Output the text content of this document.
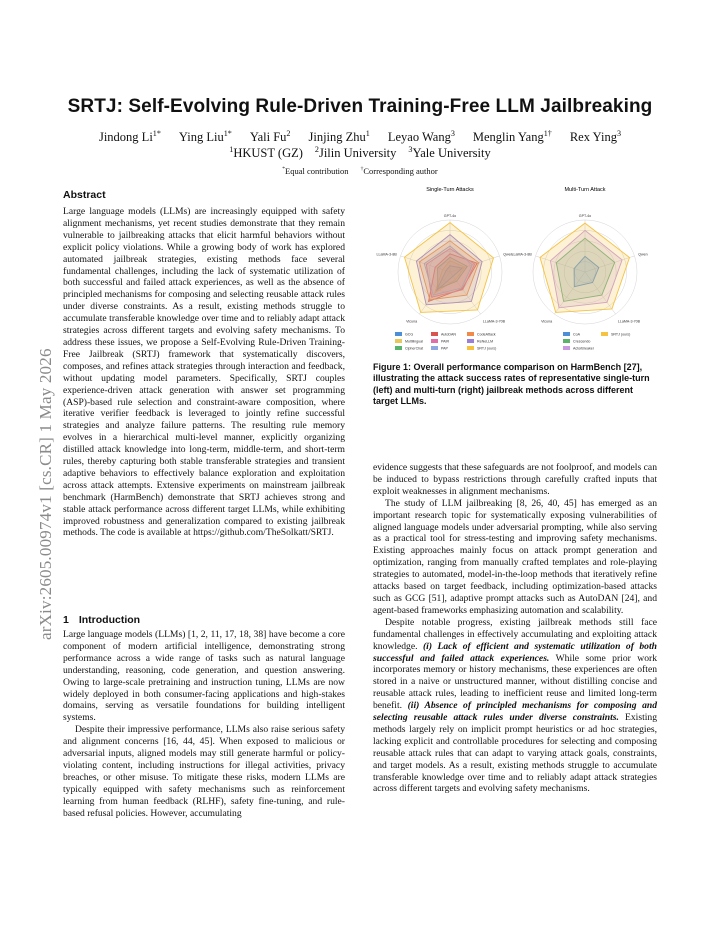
arXiv:2605.00974v1 [cs.CR] 1 May 2026
SRTJ: Self-Evolving Rule-Driven Training-Free LLM Jailbreaking
Jindong $Li^{1*}$ Ying Liu$^{1*}$ Yali Fu$^2$ Jinjing Zhu$^1$ Leyao Wang$^3$ Menglin Yang$^{1\dagger}$ Rex Ying$^3$
$^1$HKUST (GZ) $^2$Jilin University $^3$Yale University
*Equal contribution †Corresponding author
Abstract

Large language models (LLMs) are increasingly equipped with safety alignment mechanisms, yet recent studies demonstrate that they remain vulnerable to jailbreaking attacks that elicit harmful behaviors without explicit policy violations. While a growing body of work has explored automated jailbreak strategies, existing methods face several fundamental challenges, including the lack of systematic utilization of both successful and failed attack experiences, as well as the absence of principled mechanisms for composing and selecting reusable attack rules under diverse constraints. As a result, existing methods struggle to accumulate transferable knowledge over time and to reliably adapt attack strategies across different targets and evolving safety mechanisms. To address these issues, we propose a Self-Evolving Rule-Driven Training-Free Jailbreak (SRTJ) framework that systematically discovers, composes, and refines attack strategies through interaction and feedback, without updating model parameters. Specifically, SRTJ couples experience-driven attack generation with answer set programming (ASP)-based rule selection and constraint-aware composition, where iterative verifier feedback is leveraged to jointly refine successful strategies and analyze failure patterns. The resulting rule memory evolves in a hierarchical multi-level manner, explicitly organizing distilled attack knowledge into long-term, middle-term, and short-term rules, thereby capturing both stable transferable strategies and transient adaptive behaviors to effectively balance exploration and exploitation across attack attempts. Extensive experiments on mainstream jailbreak benchmark (HarmBench) demonstrate that SRTJ achieves strong and stable attack performance across different target LLMs, while exhibiting improved robustness and generalization compared to existing jailbreak methods. The code is available at https://github.com/TheSolkatt/SRTJ.

1 Introduction

Large language models (LLMs) [1, 2, 11, 17, 18, 38] have become a core component of modern artificial intelligence, demonstrating strong performance across a wide range of tasks such as natural language understanding, reasoning, code generation, and question answering. Owing to large-scale pretraining and instruction tuning, LLMs are now widely deployed in both consumer-facing applications and high-stakes domains, serving as versatile foundations for building intelligent systems.

Despite their impressive performance, LLMs also raise serious safety and alignment concerns [16, 44, 45]. When exposed to malicious or adversarial inputs, aligned models may still generate harmful or policy-violating content, including instructions for illegal activities, privacy breaches, or other misuse. To mitigate these risks, modern LLMs are typically equipped with safety mechanisms such as reinforcement learning from human feedback (RLHF), safety fine-tuning, and rule-based refusal policies. However, accumulating

Single-Turn Attacks
GPT-4o
Qwen
LLaMA-3-70B
Vicuna
LLaMA-3-8B
GCG
Multilingual
CipherChat
AutoDAN
PAIR
PAP
CodeAttack
ReNeLLM
SRTJ (ours)
Multi-Turn Attack
GPT-4o
Qwen
LLaMA-3-70B
Vicuna
LLaMA-3-8B
CoA
Crescendo
ActorBreaker
SRTJ (ours)
Figure 1: Overall performance comparison on HarmBench [27], illustrating the attack success rates of representative single-turn (left) and multi-turn (right) jailbreak methods across different target LLMs.

evidence suggests that these safeguards are not foolproof, and models can be induced to bypass restrictions through carefully crafted inputs that exploit weaknesses in alignment mechanisms.

The study of LLM jailbreaking [8, 26, 40, 45] has emerged as an important research topic for systematically exposing vulnerabilities of aligned language models under adversarial prompting, while also serving as a practical tool for stress-testing and improving safety mechanisms. Existing approaches mainly focus on attack prompt generation and optimization, ranging from manually crafted templates and role-playing strategies to automated, model-in-the-loop methods that iteratively refine attacks based on target feedback, including optimization-based attacks such as GCG [51], adaptive prompt attacks such as AutoDAN [24], and agent-based frameworks emphasizing automation and scalability.

Despite notable progress, existing jailbreak methods still face fundamental challenges in effectively accumulating and exploiting attack knowledge. (i) Lack of efficient and systematic utilization of both successful and failed attack experiences. While some prior work incorporates memory or history mechanisms, these experiences are often stored in a naive or unstructured manner, without distilling concise and reusable attack rules, leading to inefficient reuse and limited long-term benefit. (ii) Absence of principled mechanisms for composing and selecting reusable attack rules under diverse constraints. Existing methods largely rely on implicit prompt heuristics or ad hoc strategies, lacking explicit and controllable procedures for selecting and composing reusable attack rules that can adapt to varying attack goals, constraints, and target models. As a result, existing methods struggle to accumulate transferable knowledge over time and to reliably adapt attack strategies across different targets and evolving safety mechanisms.
